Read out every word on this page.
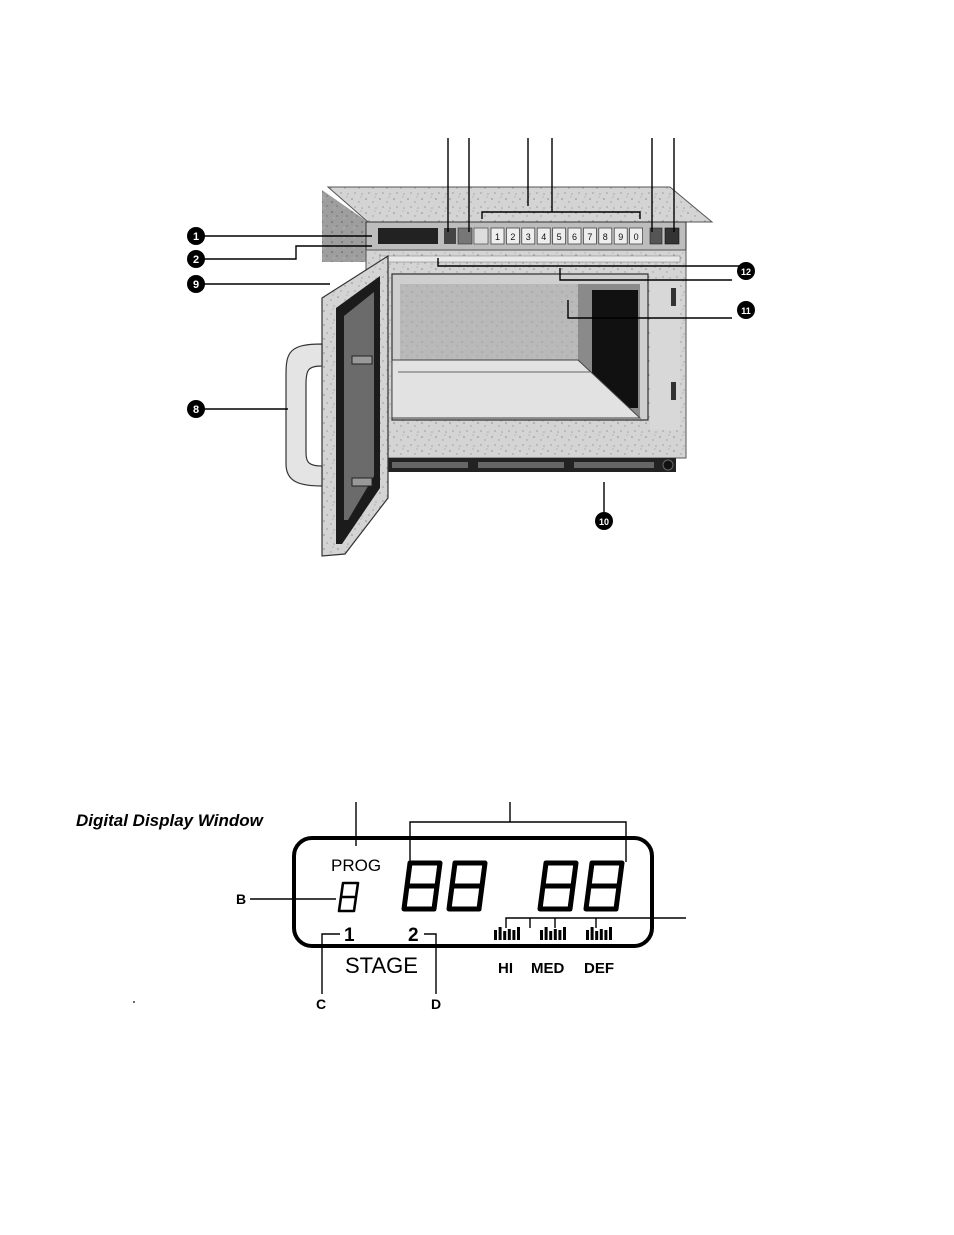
1 2 3 4 5 6 7 8 9 0
1
2
9
8
12
11
10
Digital Display Window
PROG
1	2
STAGE	HI MED DEF
B
C	D
